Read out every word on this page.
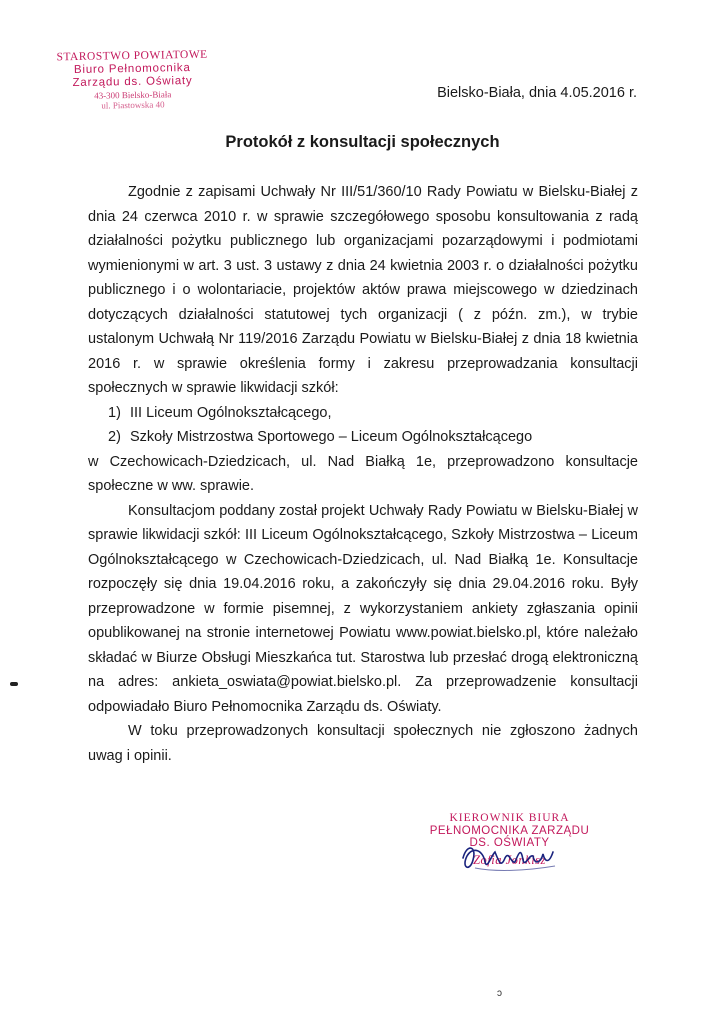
STAROSTWO POWIATOWE
Biuro Pełnomocnika
Zarządu ds. Oświaty
43-300 Bielsko-Biała
ul. Piastowska 40
Bielsko-Biała, dnia 4.05.2016 r.
Protokół z konsultacji społecznych

Zgodnie z zapisami Uchwały Nr III/51/360/10 Rady Powiatu w Bielsku-Białej z dnia 24 czerwca 2010 r. w sprawie szczegółowego sposobu konsultowania z radą działalności pożytku publicznego lub organizacjami pozarządowymi i podmiotami wymienionymi w art. 3 ust. 3 ustawy z dnia 24 kwietnia 2003 r. o działalności pożytku publicznego i o wolontariacie, projektów aktów prawa miejscowego w dziedzinach dotyczących działalności statutowej tych organizacji ( z późn. zm.), w trybie ustalonym Uchwałą Nr 119/2016 Zarządu Powiatu w Bielsku-Białej z dnia 18 kwietnia 2016 r. w sprawie określenia formy i zakresu przeprowadzania konsultacji społecznych w sprawie likwidacji szkół:

1) III Liceum Ogólnokształcącego,
2) Szkoły Mistrzostwa Sportowego – Liceum Ogólnokształcącego

w Czechowicach-Dziedzicach, ul. Nad Białką 1e, przeprowadzono konsultacje społeczne w ww. sprawie.

Konsultacjom poddany został projekt Uchwały Rady Powiatu w Bielsku-Białej w sprawie likwidacji szkół: III Liceum Ogólnokształcącego, Szkoły Mistrzostwa – Liceum Ogólnokształcącego w Czechowicach-Dziedzicach, ul. Nad Białką 1e. Konsultacje rozpoczęły się dnia 19.04.2016 roku, a zakończyły się dnia 29.04.2016 roku. Były przeprowadzone w formie pisemnej, z wykorzystaniem ankiety zgłaszania opinii opublikowanej na stronie internetowej Powiatu www.powiat.bielsko.pl, które należało składać w Biurze Obsługi Mieszkańca tut. Starostwa lub przesłać drogą elektroniczną na adres: ankieta_oswiata@powiat.bielsko.pl. Za przeprowadzenie konsultacji odpowiadało Biuro Pełnomocnika Zarządu ds. Oświaty.

W toku przeprowadzonych konsultacji społecznych nie zgłoszono żadnych uwag i opinii.

KIEROWNIK BIURA
PEŁNOMOCNIKA ZARZĄDU
DS. OŚWIATY
Zofia Jonkisz
ɔ
